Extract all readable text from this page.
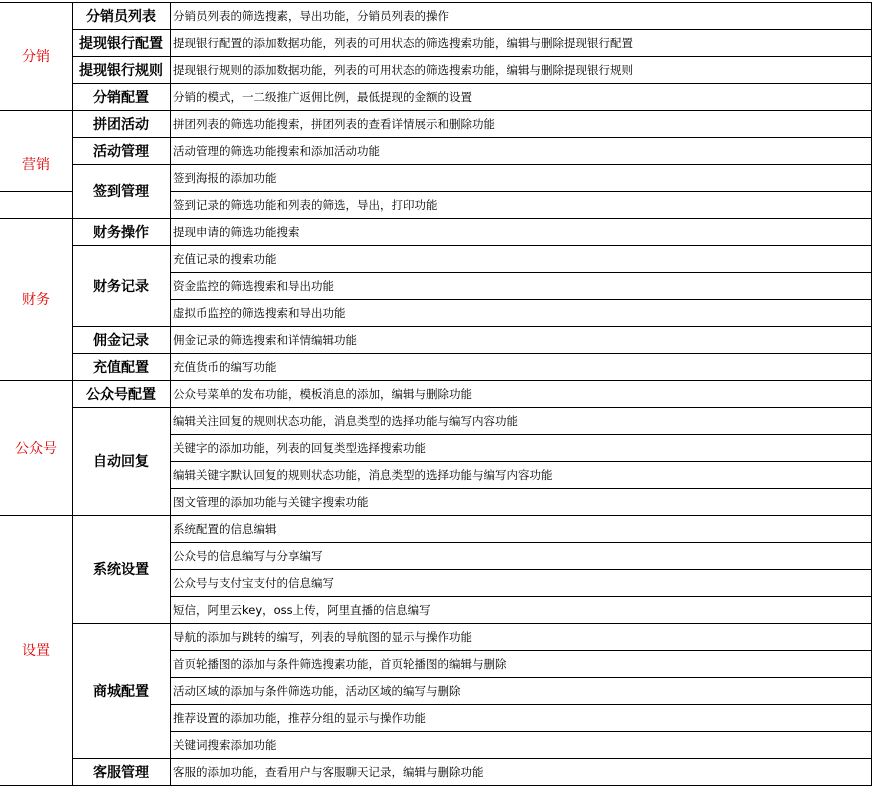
分销员列表的筛选搜素，导出功能，分销员列表的操作
分销员列表
提现银行配置的添加数据功能，列表的可用状态的筛选搜索功能，编辑与删除提现银行配置
提现银行配置
提现银行规则的添加数据功能，列表的可用状态的筛选搜索功能，编辑与删除提现银行规则
提现银行规则
分销的模式，一二级推广返佣比例，最低提现的金额的设置
分销配置
分销
拼团列表的筛选功能搜索，拼团列表的查看详情展示和删除功能
拼团活动
活动管理的筛选功能搜索和添加活动功能
活动管理
签到海报的添加功能
签到记录的筛选功能和列表的筛选，导出，打印功能
签到管理
营销
提现申请的筛选功能搜索
财务操作
充值记录的搜索功能
资金监控的筛选搜索和导出功能
虚拟币监控的筛选搜索和导出功能
财务记录
佣金记录的筛选搜索和详情编辑功能
佣金记录
充值货币的编写功能
充值配置
财务
公众号菜单的发布功能，模板消息的添加，编辑与删除功能
公众号配置
编辑关注回复的规则状态功能，消息类型的选择功能与编写内容功能
关键字的添加功能，列表的回复类型选择搜索功能
编辑关键字默认回复的规则状态功能，消息类型的选择功能与编写内容功能
图文管理的添加功能与关键字搜索功能
自动回复
公众号
系统配置的信息编辑
公众号的信息编写与分享编写
公众号与支付宝支付的信息编写
短信，阿里云key，oss上传，阿里直播的信息编写
系统设置
导航的添加与跳转的编写，列表的导航图的显示与操作功能
首页轮播图的添加与条件筛选搜素功能，首页轮播图的编辑与删除
活动区域的添加与条件筛选功能，活动区域的编写与删除
推荐设置的添加功能，推荐分组的显示与操作功能
关键词搜索添加功能
商城配置
客服的添加功能，查看用户与客服聊天记录，编辑与删除功能
客服管理
设置
